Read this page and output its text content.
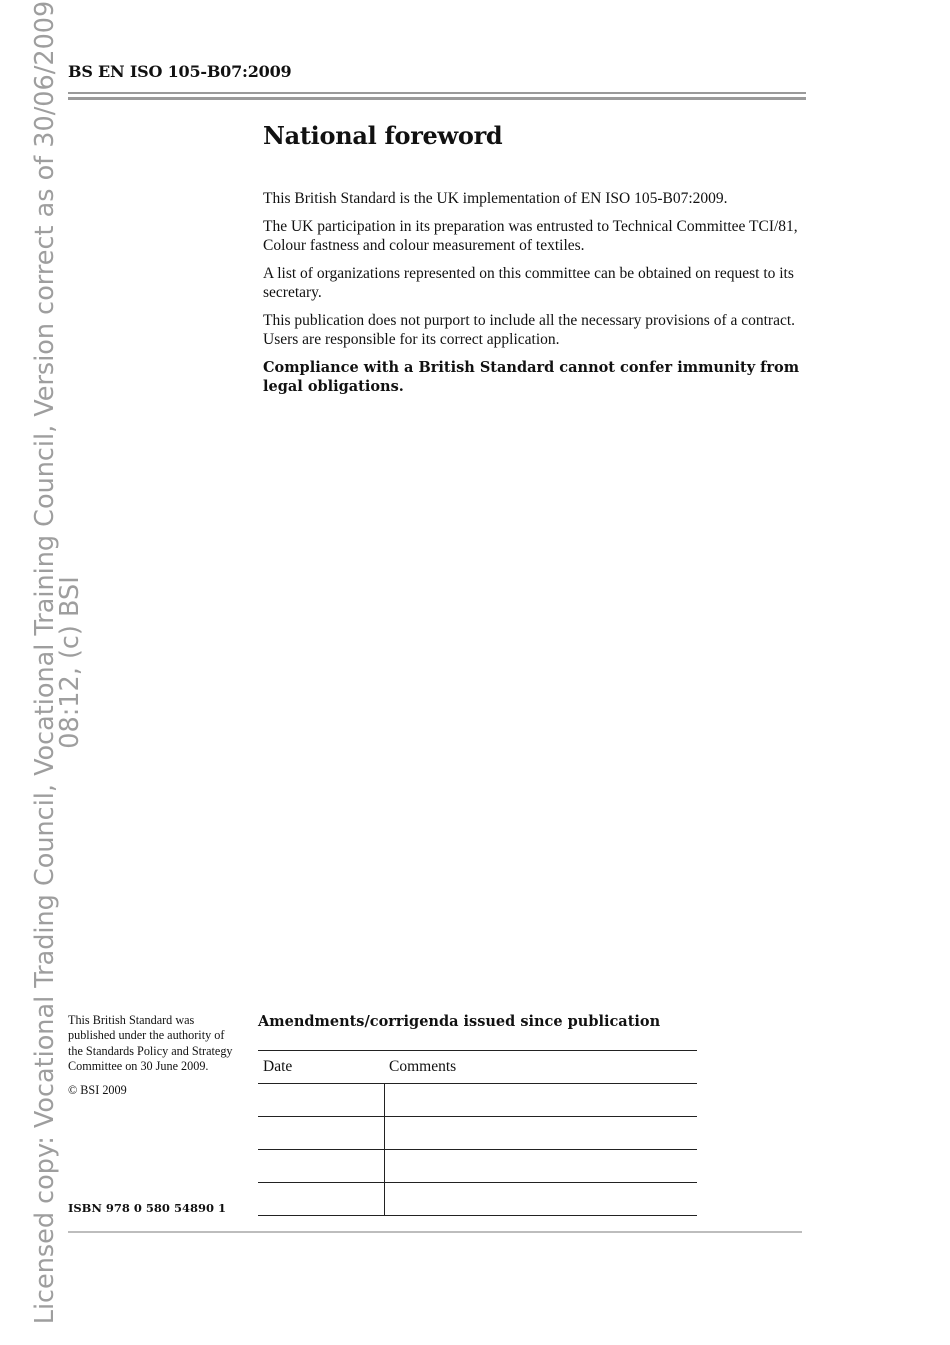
Licensed copy: Vocational Trading Council, Vocational Training Council, Version correct as of 30/06/2009 08:12, (c) BSI
BS EN ISO 105-B07:2009
National foreword

This British Standard is the UK implementation of EN ISO 105-B07:2009.

The UK participation in its preparation was entrusted to Technical Committee TCI/81, Colour fastness and colour measurement of textiles.

A list of organizations represented on this committee can be obtained on request to its secretary.

This publication does not purport to include all the necessary provisions of a contract. Users are responsible for its correct application.

Compliance with a British Standard cannot confer immunity from legal obligations.

This British Standard was published under the authority of the Standards Policy and Strategy Committee on 30 June 2009.

© BSI 2009

ISBN 978 0 580 54890 1
Amendments/corrigenda issued since publication
Date	Comments
